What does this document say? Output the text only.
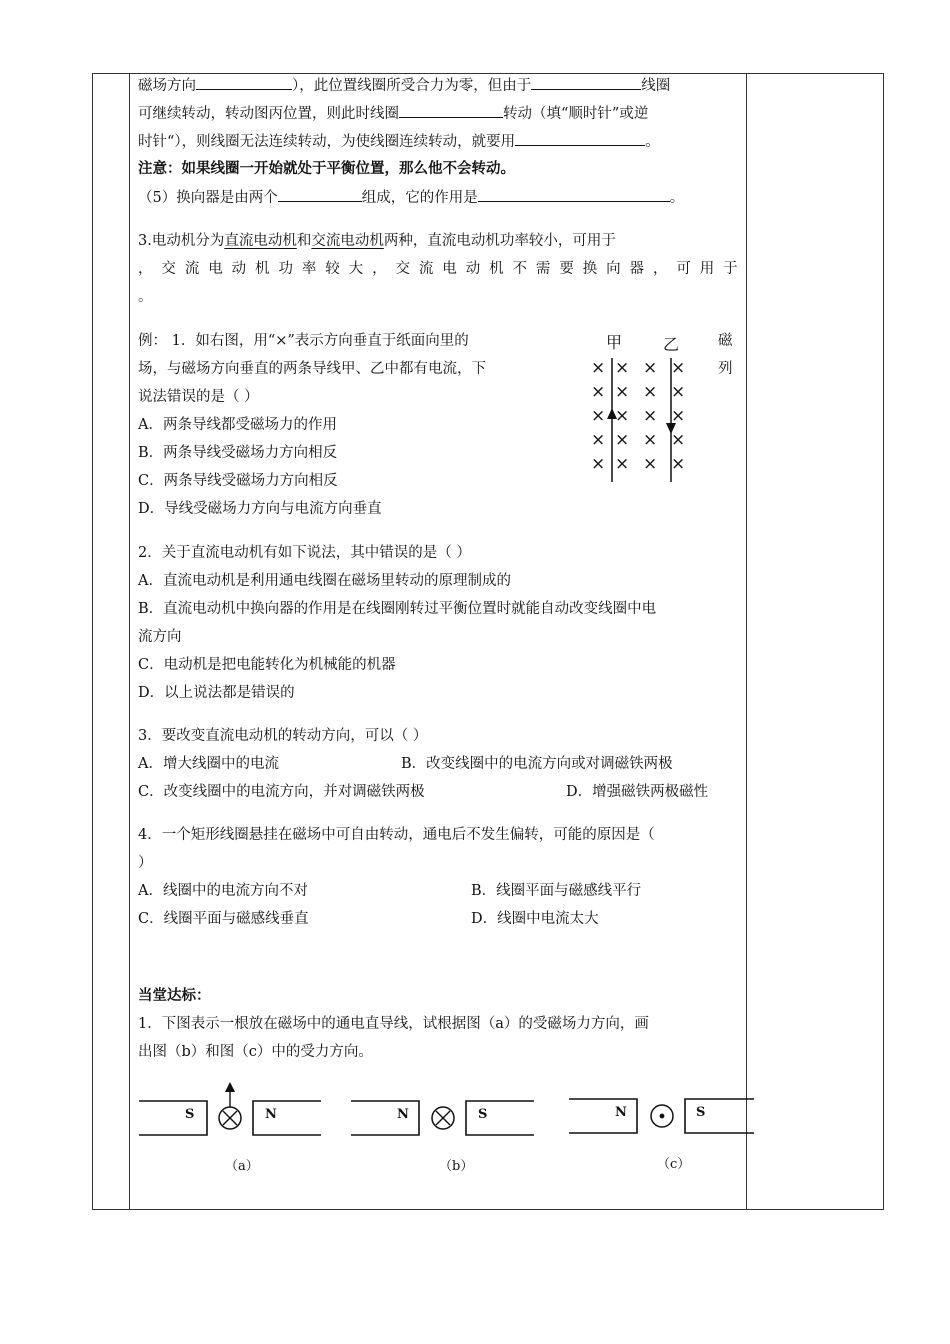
磁场方向	），此位置线圈所受合力为零，但由于	线圈
可继续转动，转动图丙位置，则此时线圈	转动（填“顺时针”或逆
时针“），则线圈无法连续转动，为使线圈连续转动，就要用	。
注意：如果线圈一开始就处于平衡位置，那么他不会转动。
（5）换向器是由两个	组成，它的作用是	。
3.电动机分为直流电动机和交流电动机两种，直流电动机功率较小，可用于
， 交 流 电 动 机 功 率 较 大 ， 交 流 电 动 机 不 需 要 换 向 器 ， 可 用 于
。
例： 1．如右图，用“×”表示方向垂直于纸面向里的	磁
场，与磁场方向垂直的两条导线甲、乙中都有电流，下	列
说法错误的是（ ）
A．两条导线都受磁场力的作用
B．两条导线受磁场力方向相反
C．两条导线受磁场力方向相反
D．导线受磁场力方向与电流方向垂直
2．关于直流电动机有如下说法，其中错误的是（ ）
A．直流电动机是利用通电线圈在磁场里转动的原理制成的
B．直流电动机中换向器的作用是在线圈刚转过平衡位置时就能自动改变线圈中电
流方向
C．电动机是把电能转化为机械能的机器
D．以上说法都是错误的
3．要改变直流电动机的转动方向，可以（ ）
A．增大线圈中的电流	B．改变线圈中的电流方向或对调磁铁两极
C．改变线圈中的电流方向，并对调磁铁两极	D．增强磁铁两极磁性
4．一个矩形线圈悬挂在磁场中可自由转动，通电后不发生偏转，可能的原因是（
）
A．线圈中的电流方向不对	B．线圈平面与磁感线平行
C．线圈平面与磁感线垂直	D．线圈中电流太大
当堂达标：
1．下图表示一根放在磁场中的通电直导线，试根据图（a）的受磁场力方向，画
出图（b）和图（c）中的受力方向。
甲	乙
× × × ×
× × × ×
× × × ×
× × × ×
× × × ×
S	N
（a）
N	S
（b）
N	S
（c）
